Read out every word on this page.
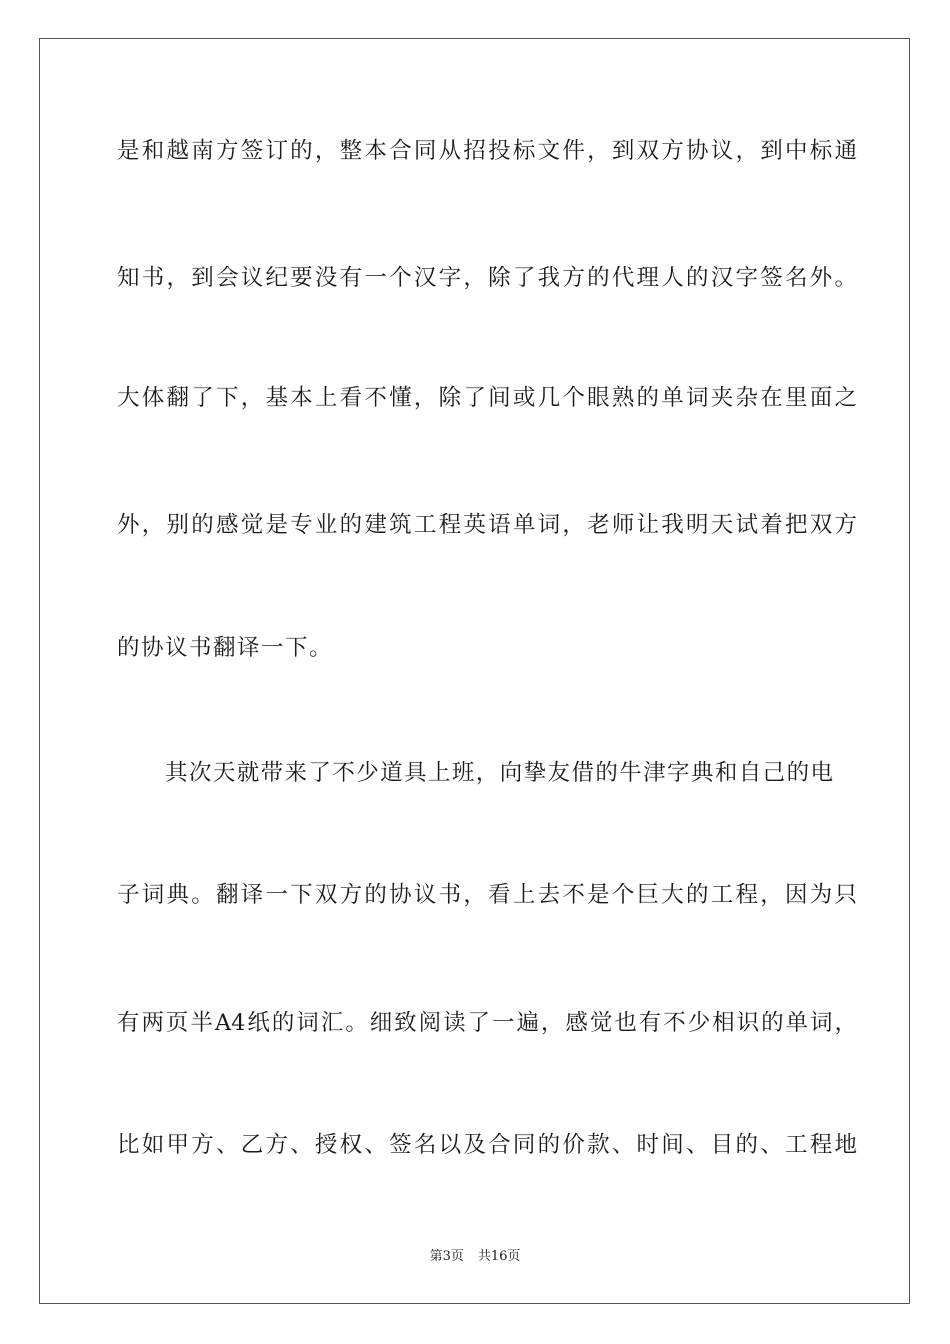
是和越南方签订的，整本合同从招投标文件，到双方协议，到中标通
知书，到会议纪要没有一个汉字，除了我方的代理人的汉字签名外。
大体翻了下，基本上看不懂，除了间或几个眼熟的单词夹杂在里面之
外，别的感觉是专业的建筑工程英语单词，老师让我明天试着把双方
的协议书翻译一下。
其次天就带来了不少道具上班，向挚友借的牛津字典和自己的电
子词典。翻译一下双方的协议书，看上去不是个巨大的工程，因为只
有两页半A4纸的词汇。细致阅读了一遍，感觉也有不少相识的单词，
比如甲方、乙方、授权、签名以及合同的价款、时间、目的、工程地
第3页 共16页
